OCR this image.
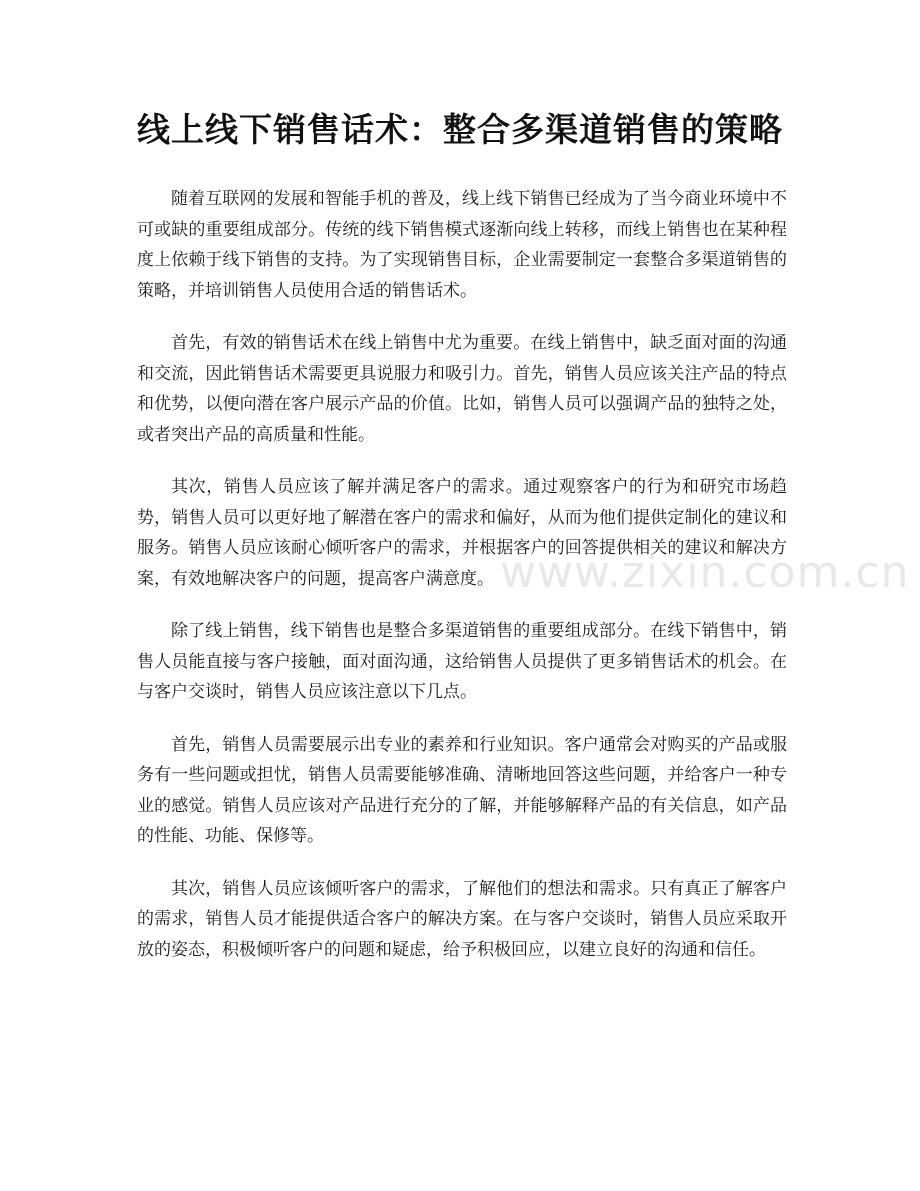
线上线下销售话术：整合多渠道销售的策略

随着互联网的发展和智能手机的普及，线上线下销售已经成为了当今商业环境中不可或缺的重要组成部分。传统的线下销售模式逐渐向线上转移，而线上销售也在某种程度上依赖于线下销售的支持。为了实现销售目标，企业需要制定一套整合多渠道销售的策略，并培训销售人员使用合适的销售话术。

首先，有效的销售话术在线上销售中尤为重要。在线上销售中，缺乏面对面的沟通和交流，因此销售话术需要更具说服力和吸引力。首先，销售人员应该关注产品的特点和优势，以便向潜在客户展示产品的价值。比如，销售人员可以强调产品的独特之处，或者突出产品的高质量和性能。

其次，销售人员应该了解并满足客户的需求。通过观察客户的行为和研究市场趋势，销售人员可以更好地了解潜在客户的需求和偏好，从而为他们提供定制化的建议和服务。销售人员应该耐心倾听客户的需求，并根据客户的回答提供相关的建议和解决方案，有效地解决客户的问题，提高客户满意度。

除了线上销售，线下销售也是整合多渠道销售的重要组成部分。在线下销售中，销售人员能直接与客户接触，面对面沟通，这给销售人员提供了更多销售话术的机会。在与客户交谈时，销售人员应该注意以下几点。

首先，销售人员需要展示出专业的素养和行业知识。客户通常会对购买的产品或服务有一些问题或担忧，销售人员需要能够准确、清晰地回答这些问题，并给客户一种专业的感觉。销售人员应该对产品进行充分的了解，并能够解释产品的有关信息，如产品的性能、功能、保修等。

其次，销售人员应该倾听客户的需求，了解他们的想法和需求。只有真正了解客户的需求，销售人员才能提供适合客户的解决方案。在与客户交谈时，销售人员应采取开放的姿态，积极倾听客户的问题和疑虑，给予积极回应，以建立良好的沟通和信任。

www.zixin.com.cn
